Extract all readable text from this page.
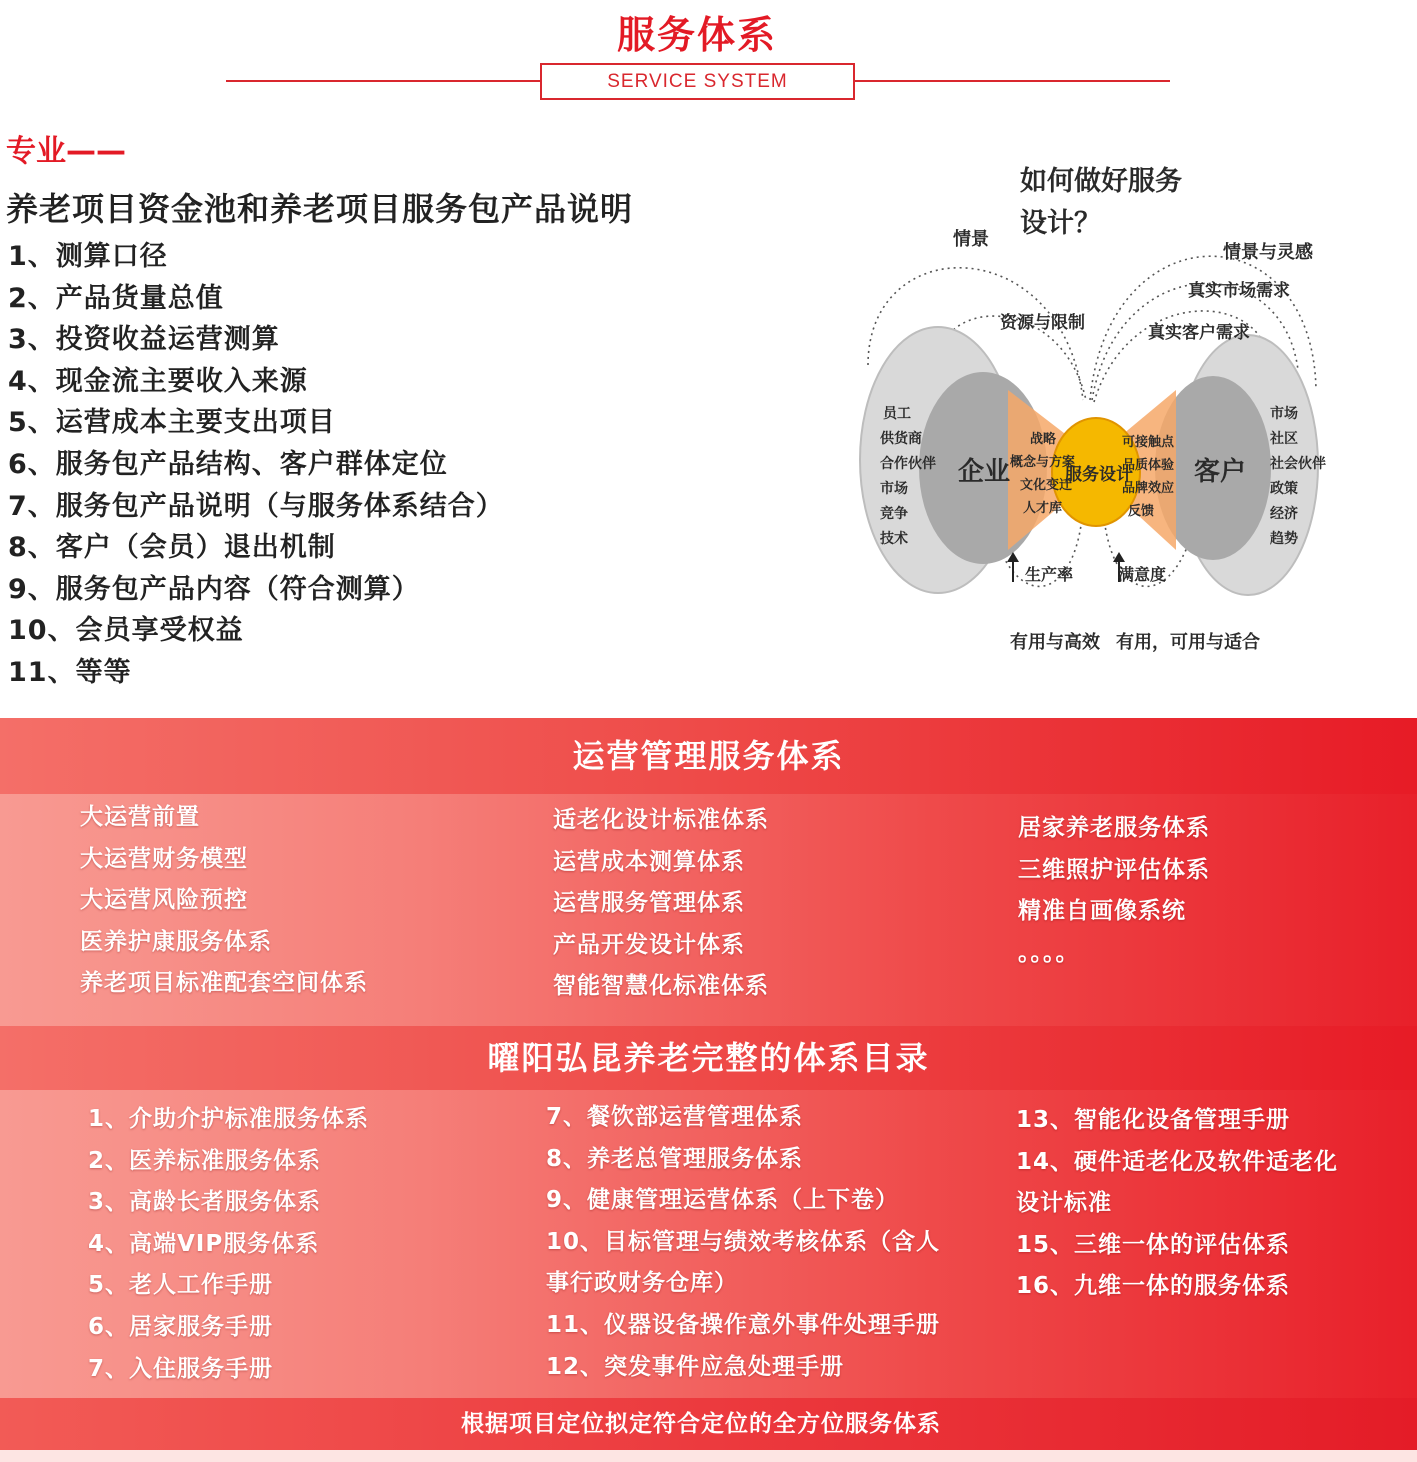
服务体系
SERVICE SYSTEM
专业——
养老项目资金池和养老项目服务包产品说明
1、测算口径
2、产品货量总值
3、投资收益运营测算
4、现金流主要收入来源
5、运营成本主要支出项目
6、服务包产品结构、客户群体定位
7、服务包产品说明（与服务体系结合）
8、客户（会员）退出机制
9、服务包产品内容（符合测算）
10、会员享受权益
11、等等
如何做好服务
设计？
情景
情景与灵感
真实市场需求
真实客户需求
资源与限制
企业	客户
服务设计
员工
供货商
合作伙伴
市场
竞争
技术
市场
社区
社会伙伴
政策
经济
趋势
战略
概念与方案
文化变迁
人才库
可接触点
品质体验
品牌效应
反馈
生产率	满意度
有用与高效 有用，可用与适合
运营管理服务体系
大运营前置
大运营财务模型
大运营风险预控
医养护康服务体系
养老项目标准配套空间体系
适老化设计标准体系
运营成本测算体系
运营服务管理体系
产品开发设计体系
智能智慧化标准体系
居家养老服务体系
三维照护评估体系
精准自画像系统
。。。。
曜阳弘昆养老完整的体系目录
1、介助介护标准服务体系
2、医养标准服务体系
3、高龄长者服务体系
4、高端VIP服务体系
5、老人工作手册
6、居家服务手册
7、入住服务手册
7、餐饮部运营管理体系
8、养老总管理服务体系
9、健康管理运营体系（上下卷）
10、目标管理与绩效考核体系（含人
事行政财务仓库）
11、仪器设备操作意外事件处理手册
12、突发事件应急处理手册
13、智能化设备管理手册
14、硬件适老化及软件适老化
设计标准
15、三维一体的评估体系
16、九维一体的服务体系
根据项目定位拟定符合定位的全方位服务体系
